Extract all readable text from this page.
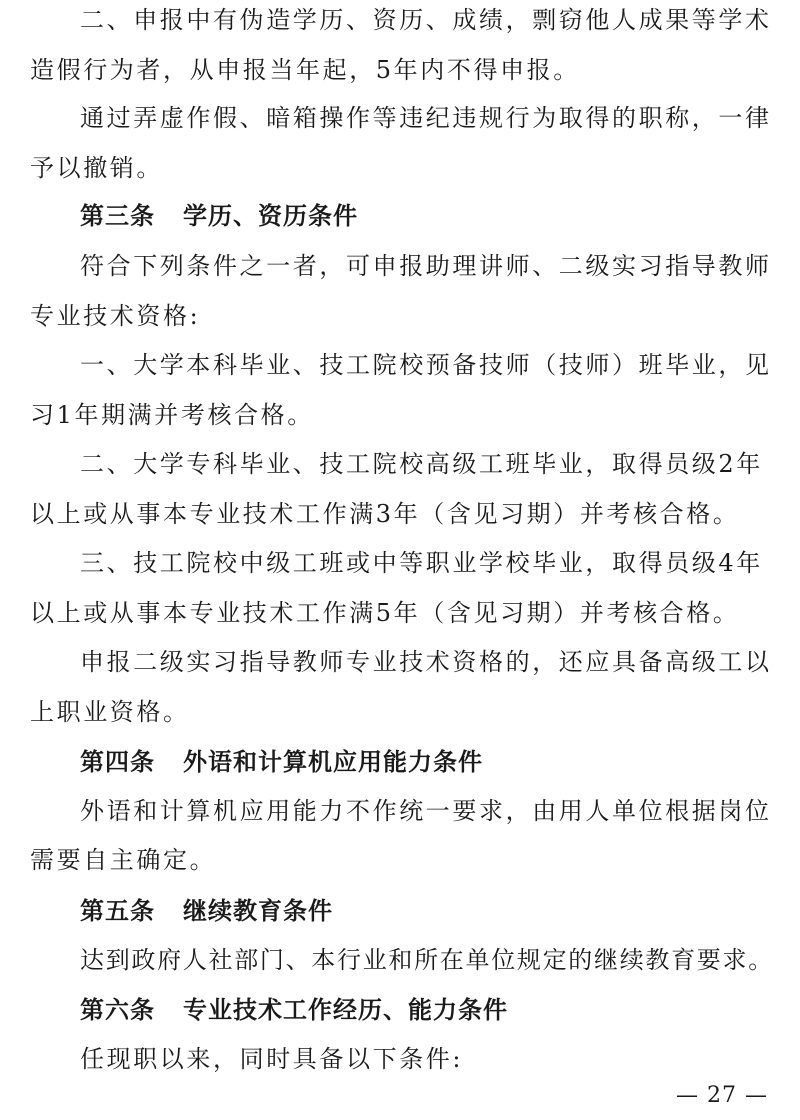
二、申报中有伪造学历、资历、成绩，剽窃他人成果等学术
造假行为者，从申报当年起，5年内不得申报。
通过弄虚作假、暗箱操作等违纪违规行为取得的职称，一律
予以撤销。
第三条 学历、资历条件
符合下列条件之一者，可申报助理讲师、二级实习指导教师
专业技术资格:
一、大学本科毕业、技工院校预备技师（技师）班毕业，见
习1年期满并考核合格。
二、大学专科毕业、技工院校高级工班毕业，取得员级2年
以上或从事本专业技术工作满3年（含见习期）并考核合格。
三、技工院校中级工班或中等职业学校毕业，取得员级4年
以上或从事本专业技术工作满5年（含见习期）并考核合格。
申报二级实习指导教师专业技术资格的，还应具备高级工以
上职业资格。
第四条 外语和计算机应用能力条件
外语和计算机应用能力不作统一要求，由用人单位根据岗位
需要自主确定。
第五条 继续教育条件
达到政府人社部门、本行业和所在单位规定的继续教育要求。
第六条 专业技术工作经历、能力条件
任现职以来，同时具备以下条件:
— 27 —
